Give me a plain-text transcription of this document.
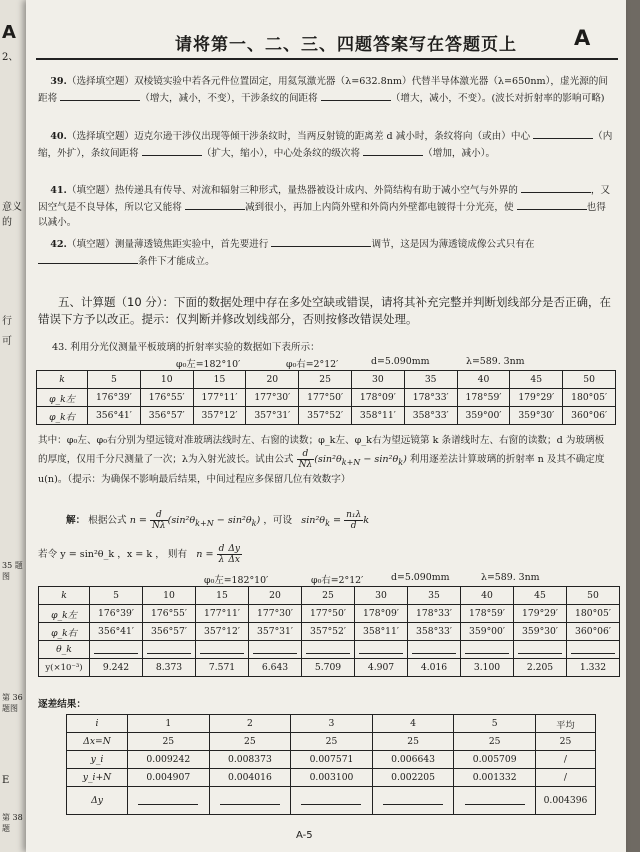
A
2、
意义的
行
可
35 题图
第 36 题图
E
第 38 题
请将第一、二、三、四题答案写在答题页上	A
39.（选择填空题）双棱镜实验中若各元件位置固定，用氦氖激光器（λ=632.8nm）代替半导体激光器（λ=650nm），虚光源的间距将	（增大，减小，不变），干涉条纹的间距将	（增大，减小，不变）。(波长对折射率的影响可略)
40.（选择填空题）迈克尔逊干涉仪出现等倾干涉条纹时，当两反射镜的距离差 d 减小时，条纹将向（或由）中心	（内缩，外扩），条纹间距将	（扩大，缩小），中心处条纹的级次将	（增加，减小）。
41.（填空题）热传递具有传导、对流和辐射三种形式，量热器被设计成内、外筒结构有助于减小空气与外界的	，又因空气是不良导体，所以它又能将	减到很小，再加上内筒外壁和外筒内外壁都电镀得十分光亮，使	也得以减小。
42.（填空题）测量薄透镜焦距实验中，首先要进行	调节，这是因为薄透镜成像公式只有在 条件下才能成立。
五、计算题（10 分）：下面的数据处理中存在多处空缺或错误，请将其补充完整并判断划线部分是否正确，在错误下方予以改正。提示：仅判断并修改划线部分，否则按修改错误处理。
43. 利用分光仪测量平板玻璃的折射率实验的数据如下表所示：
φ₀左=182°10′	φ₀右=2°12′	d=5.090mm	λ=589. 3nm
k	5	10	15	20	25	30	35	40	45	50
φ_k左	176°39′	176°55′	177°11′	177°30′	177°50′	178°09′	178°33′	178°59′	179°29′	180°05′
φ_k右	356°41′	356°57′	357°12′	357°31′	357°52′	358°11′	358°33′	359°00′	359°30′	360°06′
其中：φ₀左、φ₀右分别为望远镜对准玻璃法线时左、右窗的读数；φ_k左、φ_k右为望远镜第 k 条谱线时左、右窗的读数；d 为玻璃板的厚度，仅用千分尺测量了一次；λ为入射光波长。试由公式 $\frac{d}{N\lambda} (\sin^2\theta_{k+N} - \sin^2\theta_k)$ 利用逐差法计算玻璃的折射率 n 及其不确定度 u(n)。（提示：为确保不影响最后结果，中间过程应多保留几位有效数字）
解： 根据公式 $n = \frac{d}{N\lambda} (\sin^2\theta_{k+N} - \sin^2\theta_k)$ ，可设 $\sin^2\theta_k = \frac{\text{n₁λ}}{d}$ k
若令 y = sin²θ_k ，x = k ， 则有 $n = \frac{d}{\lambda} \frac{\Delta y}{\Delta x}$
φ₀左=182°10′	φ₀右=2°12′	d=5.090mm	λ=589. 3nm
k	5	10	15	20	25	30	35	40	45	50
φ_k左	176°39′	176°55′	177°11′	177°30′	177°50′	178°09′	178°33′	178°59′	179°29′	180°05′
φ_k右	356°41′	356°57′	357°12′	357°31′	357°52′	358°11′	358°33′	359°00′	359°30′	360°06′
θ_k										
y(×10⁻³)	9.242	8.373	7.571	6.643	5.709	4.907	4.016	3.100	2.205	1.332
逐差结果：
i	1	2	3	4	5	平均
Δx=N	25	25	25	25	25	25
y_i	0.009242	0.008373	0.007571	0.006643	0.005709	/
y_i+N	0.004907	0.004016	0.003100	0.002205	0.001332	/
Δy						0.004396
A-5
